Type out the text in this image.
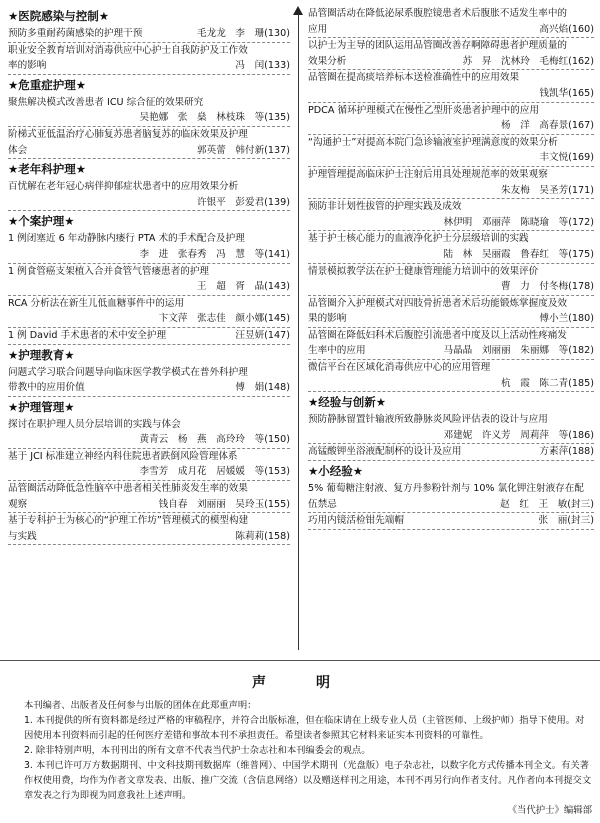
★医院感染与控制★
预防多重耐药菌感染的护理干预	毛龙龙　李　珊(130)
职业安全教育培训对消毒供应中心护士自我防护及工作效
率的影响	冯　闰(133)
★危重症护理★
聚焦解决模式改善患者 ICU 综合征的效果研究
吴艳娜　张　燊　林枝珠　等(135)
阶梯式亚低温治疗心肺复苏患者脑复苏的临床效果及护理
体会	郭英蕾　韩付新(137)
★老年科护理★
百忧解在老年冠心病伴抑郁症状患者中的应用效果分析
许银平　彭爱君(139)
★个案护理★
1 例闭塞近 6 年动静脉内瘘行 PTA 术的手术配合及护理
李　进　张春秀　冯　慧　等(141)
1 例食管癌支架植入合并食管气管瘘患者的护理
王　超　胥　晶(143)
RCA 分析法在新生儿低血糖事件中的运用
卞文萍　张志佳　颜小娜(145)
1 例 David 手术患者的术中安全护理	汪昱妍(147)
★护理教育★
问题式学习联合问题导向临床医学教学模式在普外科护理
带教中的应用价值	傅　娟(148)
★护理管理★
探讨在职护理人员分层培训的实践与体会
黄青云　杨　燕　高玲玲　等(150)
基于 JCI 标准建立神经内科住院患者跌倒风险管理体系
李雪芳　成月花　居媛媛　等(153)
品管圈活动降低急性脑卒中患者相关性肺炎发生率的效果
观察	钱自春　刘丽丽　吴玲玉(155)
基于专科护士为核心的“护理工作坊”管理模式的模型构建
与实践	陈莉莉(158)
品管圈活动在降低泌尿系腹腔镜患者术后腹胀不适发生率中的
应用	高兴焰(160)
以护士为主导的团队运用品管圈改善存啊障碍患者护理质量的
效果分析	苏　昇　沈林玲　毛梅红(162)
品管圈在提高痰培养标本送检准确性中的应用效果
钱凯华(165)
PDCA 循环护理模式在慢性乙型肝炎患者护理中的应用
杨　洋　高春景(167)
“沟通护士”对提高本院门急诊输液室护理满意度的效果分析
丰文悦(169)
护理管理提高临床护士注射后用具处理规范率的效果观察
朱友梅　吴圣芳(171)
预防非计划性拔管的护理实践及成效
林伊明　邓丽萍　陈晓瑜　等(172)
基于护士核心能力的血液净化护士分层级培训的实践
陆　林　吴丽霞　鲁春红　等(175)
情景模拟教学法在护士健康管理能力培训中的效果评价
曹　力　付冬梅(178)
品管圈介入护理模式对四肢骨折患者术后功能锻炼掌握度及效
果的影响	傅小兰(180)
品管圈在降低妇科术后腹腔引流患者中度及以上活动性疼痛发
生率中的应用	马晶晶　刘丽丽　朱丽娜　等(182)
微信平台在区域化消毒供应中心的应用管理
杭　霞　陈二青(185)
★经验与创新★
预防静脉留置针输液所致静脉炎风险评估表的设计与应用
邓建妮　许义芳　周莉萍　等(186)
高锰酸钾坐浴液配制杯的设计及应用	方素萍(188)
★小经验★
5% 葡萄糖注射液、复方丹参粉针剂与 10% 氯化钾注射液存在配
伍禁忌	赵　红　王　敏(封三)
巧用内镜活检钳先端帽	张　丽(封三)
声　明

本刊编者、出版者及任何参与出版的团体在此郑重声明：

1. 本刊提供的所有资料都是经过严格的审稿程序，并符合出版标准，但在临床请在上级专业人员（主管医师、上级护师）指导下使用。对因使用本刊资料而引起的任何医疗差错和事故本刊不承担责任。希望读者参照其它材料来证实本刊资料的可靠性。

2. 除非特别声明，本刊刊出的所有文章不代表当代护士杂志社和本刊编委会的观点。

3. 本刊已许可万方数据期刊、中文科技期刊数据库（维普网）、中国学术期刊（光盘版）电子杂志社，以数字化方式传播本刊全文。有关著作权使用费，均作为作者文章发表、出版、推广交流（含信息网络）以及赠送样刊之用途，本刊不再另行向作者支付。凡作者向本刊提交文章发表之行为即视为同意我社上述声明。

《当代护士》编辑部
